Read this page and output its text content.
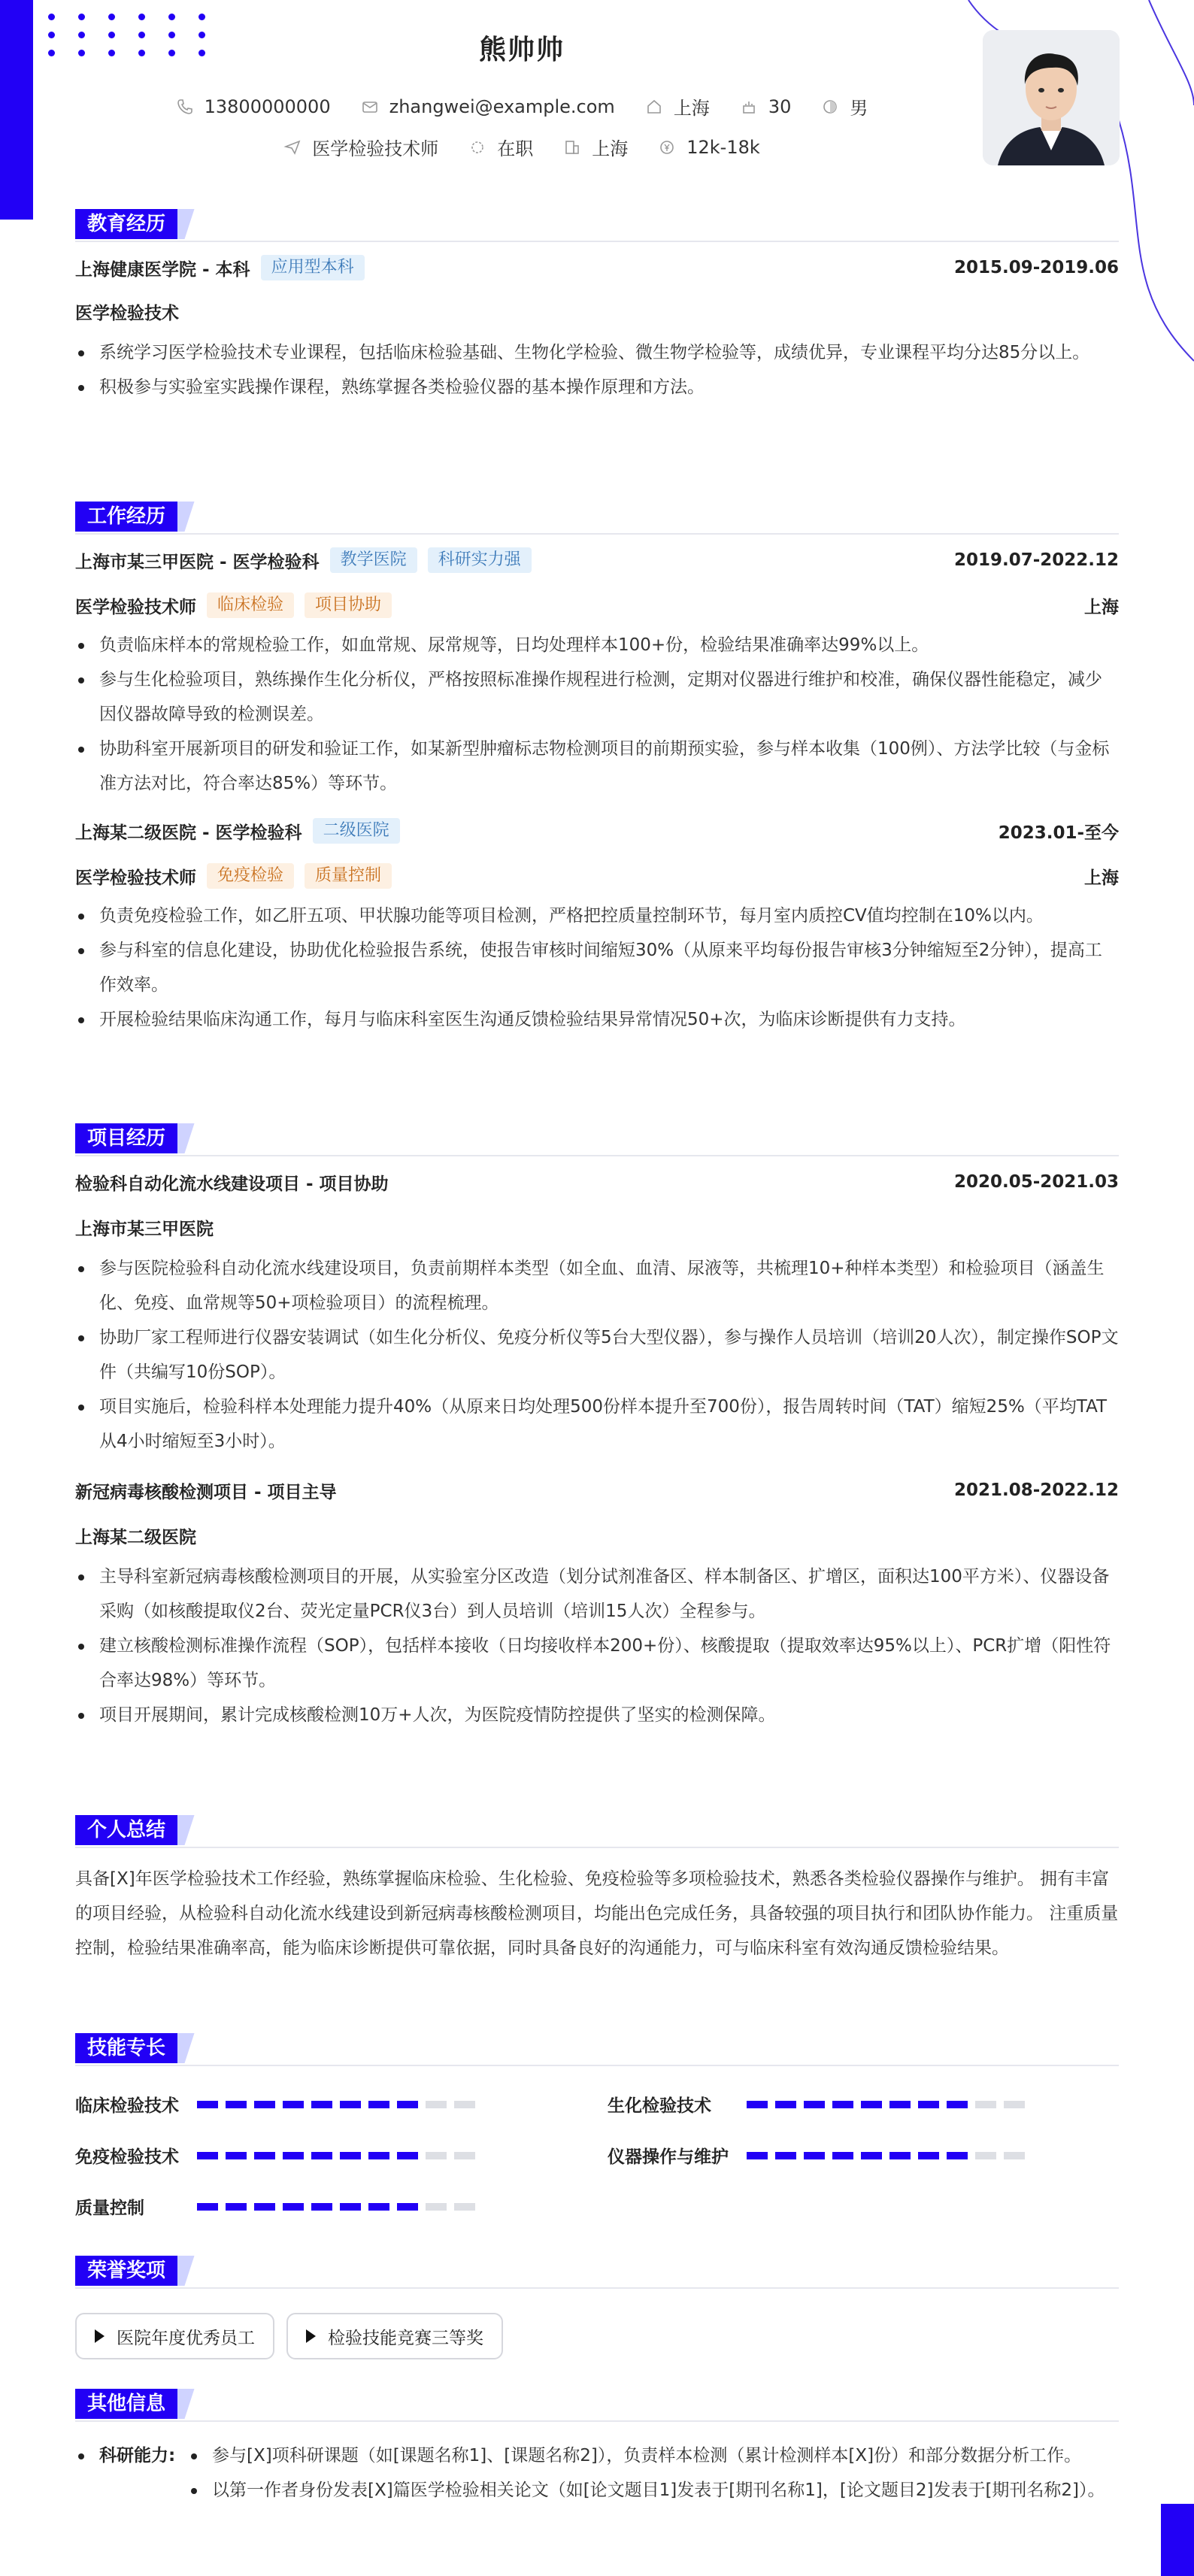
熊帅帅
13800000000	zhangwei@example.com	上海	30	男
医学检验技术师	在职	上海	12k-18k
教育经历
上海健康医学院 - 本科	应用型本科	2015.09-2019.06
医学检验技术
系统学习医学检验技术专业课程，包括临床检验基础、生物化学检验、微生物学检验等，成绩优异，专业课程平均分达85分以上。
积极参与实验室实践操作课程，熟练掌握各类检验仪器的基本操作原理和方法。
工作经历
上海市某三甲医院 - 医学检验科	教学医院	科研实力强	2019.07-2022.12
医学检验技术师	临床检验	项目协助	上海
负责临床样本的常规检验工作，如血常规、尿常规等，日均处理样本100+份，检验结果准确率达99%以上。
参与生化检验项目，熟练操作生化分析仪，严格按照标准操作规程进行检测，定期对仪器进行维护和校准，确保仪器性能稳定，减少因仪器故障导致的检测误差。
协助科室开展新项目的研发和验证工作，如某新型肿瘤标志物检测项目的前期预实验，参与样本收集（100例）、方法学比较（与金标准方法对比，符合率达85%）等环节。
上海某二级医院 - 医学检验科	二级医院	2023.01-至今
医学检验技术师	免疫检验	质量控制	上海
负责免疫检验工作，如乙肝五项、甲状腺功能等项目检测，严格把控质量控制环节，每月室内质控CV值均控制在10%以内。
参与科室的信息化建设，协助优化检验报告系统，使报告审核时间缩短30%（从原来平均每份报告审核3分钟缩短至2分钟），提高工作效率。
开展检验结果临床沟通工作，每月与临床科室医生沟通反馈检验结果异常情况50+次，为临床诊断提供有力支持。
项目经历
检验科自动化流水线建设项目 - 项目协助	2020.05-2021.03
上海市某三甲医院
参与医院检验科自动化流水线建设项目，负责前期样本类型（如全血、血清、尿液等，共梳理10+种样本类型）和检验项目（涵盖生化、免疫、血常规等50+项检验项目）的流程梳理。
协助厂家工程师进行仪器安装调试（如生化分析仪、免疫分析仪等5台大型仪器），参与操作人员培训（培训20人次），制定操作SOP文件（共编写10份SOP）。
项目实施后，检验科样本处理能力提升40%（从原来日均处理500份样本提升至700份），报告周转时间（TAT）缩短25%（平均TAT从4小时缩短至3小时）。
新冠病毒核酸检测项目 - 项目主导	2021.08-2022.12
上海某二级医院
主导科室新冠病毒核酸检测项目的开展，从实验室分区改造（划分试剂准备区、样本制备区、扩增区，面积达100平方米）、仪器设备采购（如核酸提取仪2台、荧光定量PCR仪3台）到人员培训（培训15人次）全程参与。
建立核酸检测标准操作流程（SOP），包括样本接收（日均接收样本200+份）、核酸提取（提取效率达95%以上）、PCR扩增（阳性符合率达98%）等环节。
项目开展期间，累计完成核酸检测10万+人次，为医院疫情防控提供了坚实的检测保障。
个人总结

具备[X]年医学检验技术工作经验，熟练掌握临床检验、生化检验、免疫检验等多项检验技术，熟悉各类检验仪器操作与维护。 拥有丰富的项目经验，从检验科自动化流水线建设到新冠病毒核酸检测项目，均能出色完成任务，具备较强的项目执行和团队协作能力。 注重质量控制，检验结果准确率高，能为临床诊断提供可靠依据，同时具备良好的沟通能力，可与临床科室有效沟通反馈检验结果。

技能专长
临床检验技术	生化检验技术
免疫检验技术	仪器操作与维护
质量控制
荣誉奖项
医院年度优秀员工	检验技能竞赛三等奖
其他信息
科研能力:	参与[X]项科研课题（如[课题名称1]、[课题名称2]），负责样本检测（累计检测样本[X]份）和部分数据分析工作。
以第一作者身份发表[X]篇医学检验相关论文（如[论文题目1]发表于[期刊名称1]，[论文题目2]发表于[期刊名称2]）。
